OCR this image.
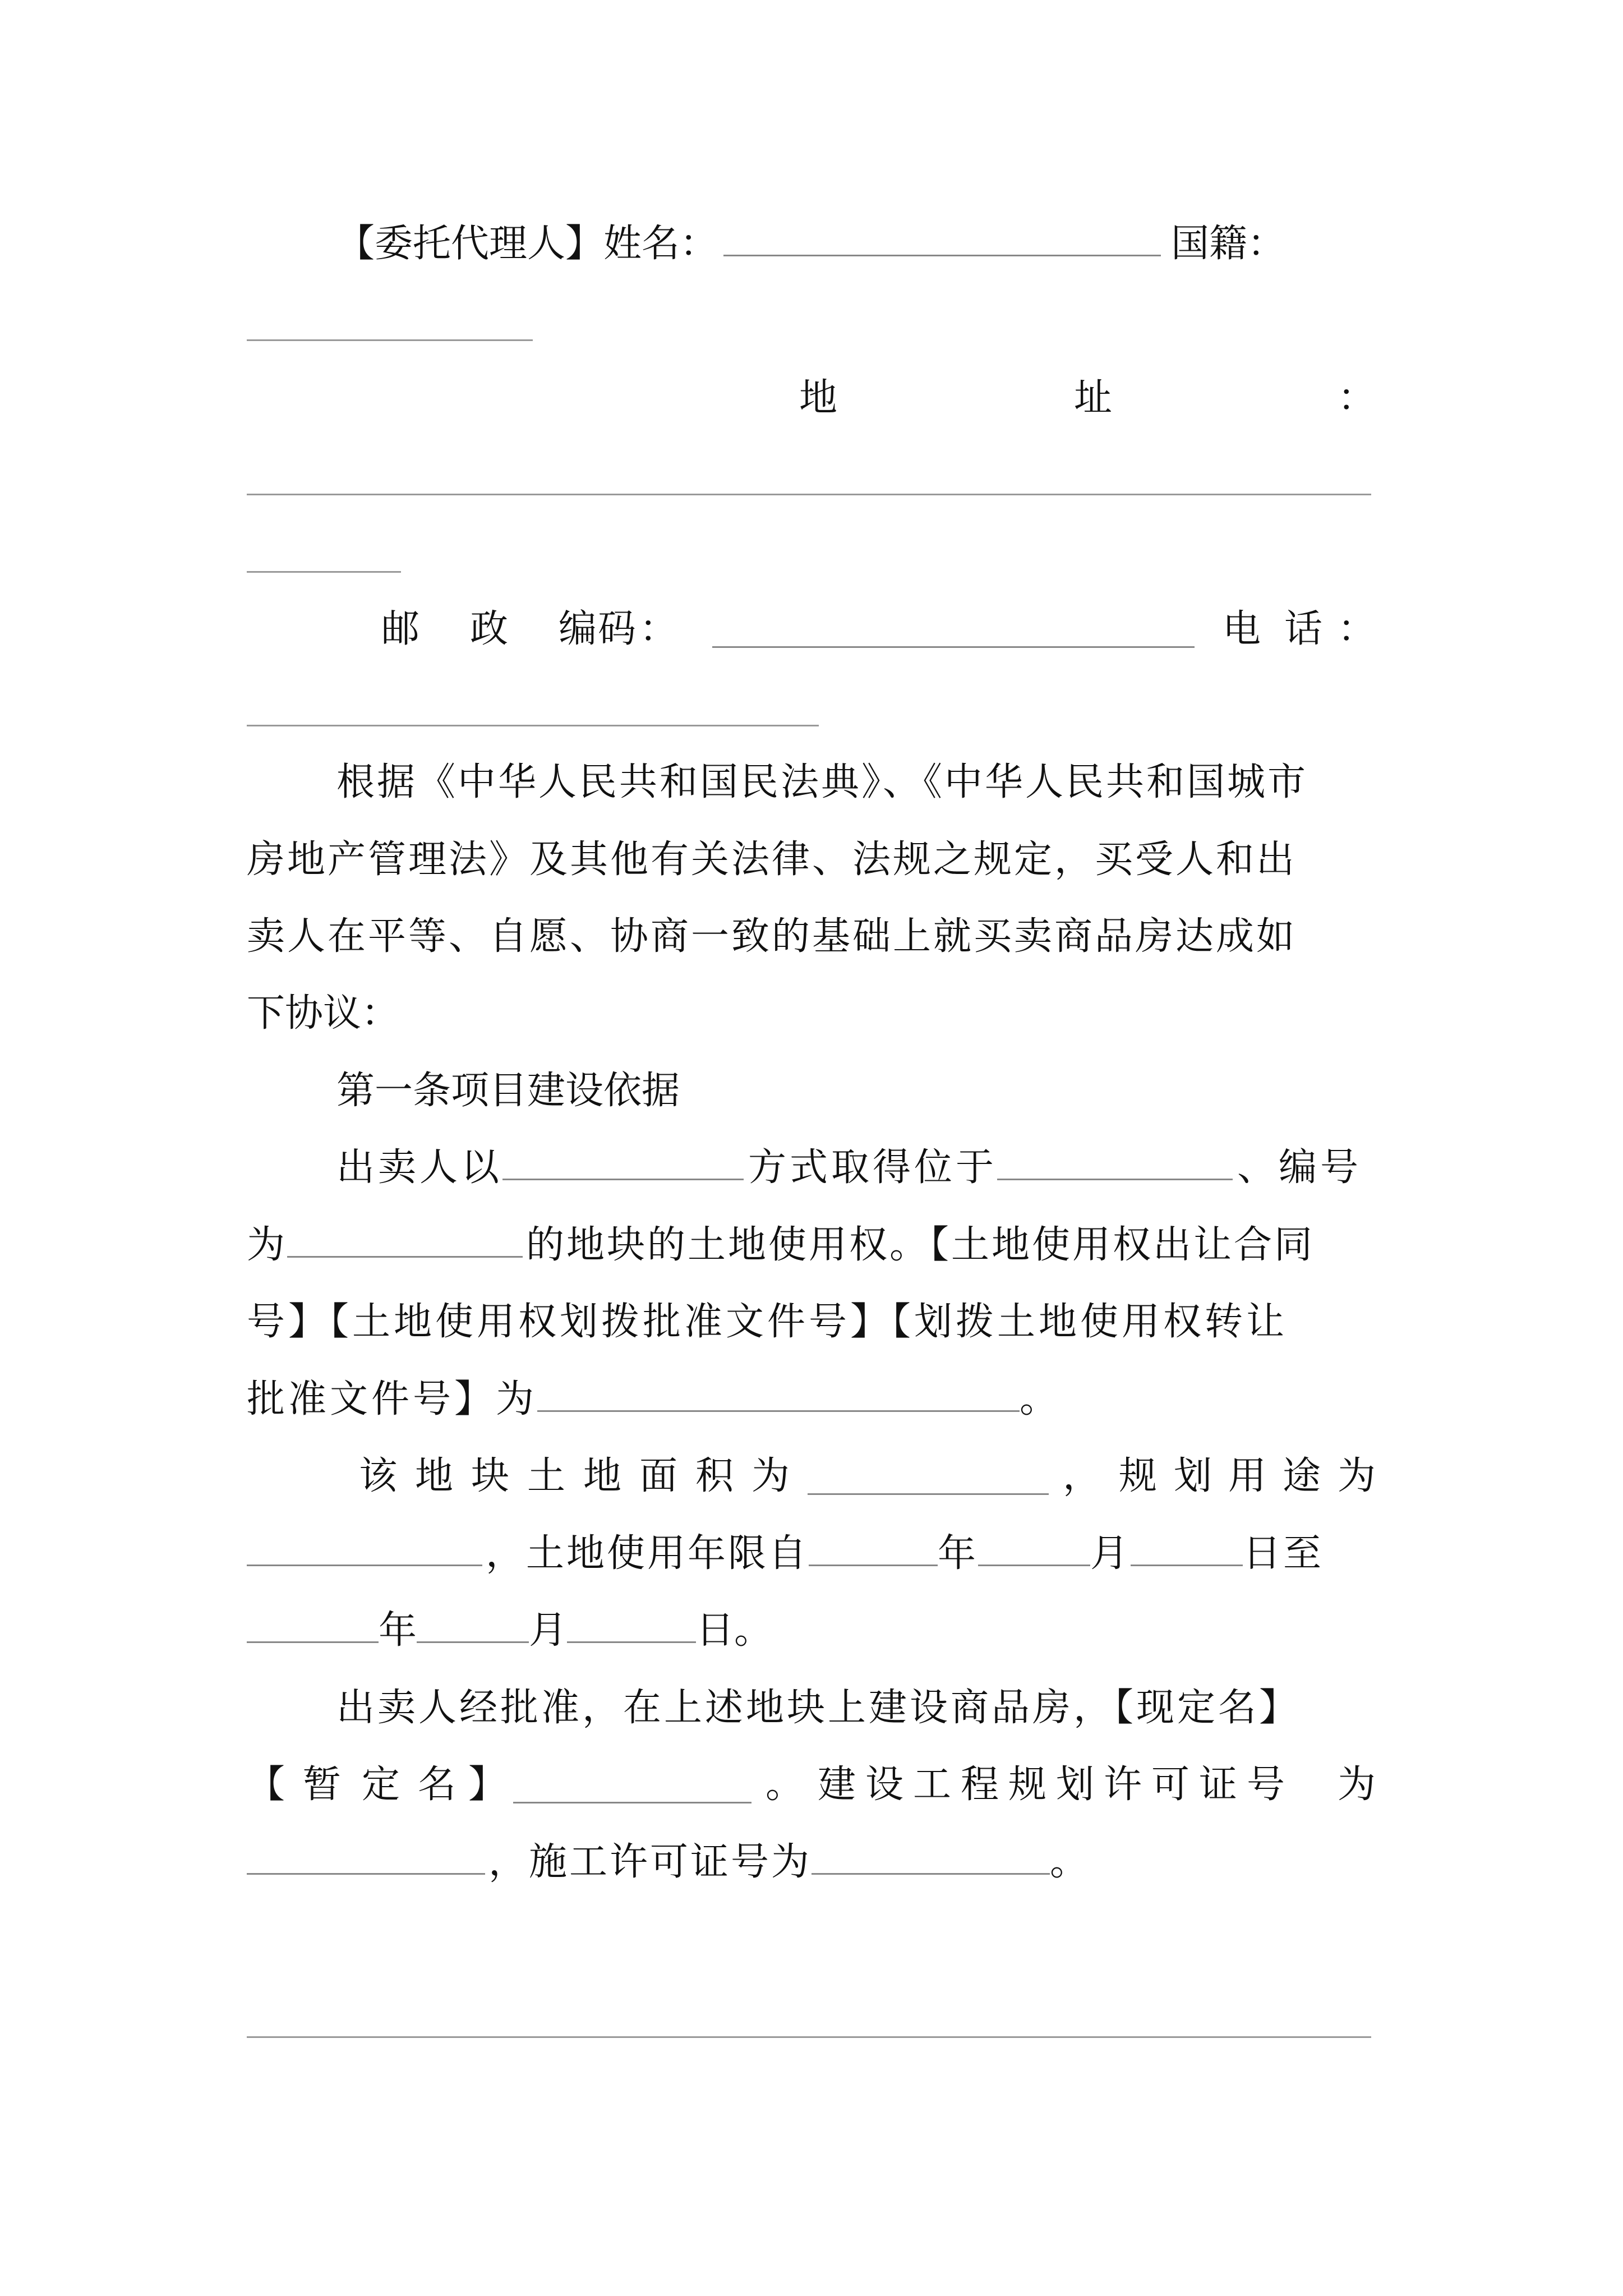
【委托代理人】姓名：	国籍：
地	址	：
邮 政 编 码 ：	电 话 ：
根据《中华人民共和国民法典》、《中华人民共和国城市
房地产管理法》及其他有关法律、法规之规定，买受人和出
卖人在平等、自愿、协商一致的基础上就买卖商品房达成如
下协议：
第一条项目建设依据
出卖人以	方式取得位于	、编号
为	的地块的土地使用权。【土地使用权出让合同
号】【土地使用权划拨批准文件号】【划拨土地使用权转让
批准文件号】为	。
该 地 块 土 地 面 积 为	， 规 划 用 途 为
，土地使用年限自	年	月	日至
年	月	日。
出卖人经批准，在上述地块上建设商品房，【现定名】
【 暂 定 名 】	。 建 设 工 程 规 划 许 可 证 号 为
，施工许可证号为	。
